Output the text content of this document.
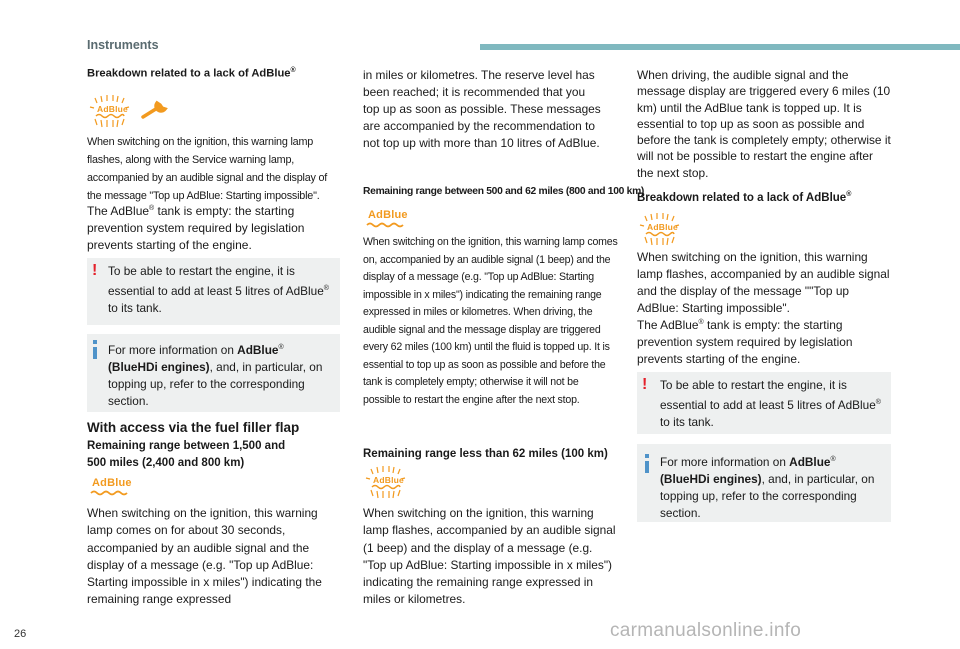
Instruments
Breakdown related to a lack of AdBlue®
AdBlue
When switching on the ignition, this warning lamp flashes, along with the Service warning lamp, accompanied by an audible signal and the display of the message "Top up AdBlue: Starting impossible".
The AdBlue® tank is empty: the starting prevention system required by legislation prevents starting of the engine.
! To be able to restart the engine, it is essential to add at least 5 litres of AdBlue® to its tank.
For more information on AdBlue® (BlueHDi engines), and, in particular, on topping up, refer to the corresponding section.
With access via the fuel filler flap
Remaining range between 1,500 and 500 miles (2,400 and 800 km)
AdBlue
When switching on the ignition, this warning lamp comes on for about 30 seconds, accompanied by an audible signal and the display of a message (e.g. "Top up AdBlue: Starting impossible in x miles") indicating the remaining range expressed
in miles or kilometres. The reserve level has been reached; it is recommended that you top up as soon as possible. These messages are accompanied by the recommendation to not top up with more than 10 litres of AdBlue.
Remaining range between 500 and 62 miles (800 and 100 km)
AdBlue
When switching on the ignition, this warning lamp comes on, accompanied by an audible signal (1 beep) and the display of a message (e.g. "Top up AdBlue: Starting impossible in x miles") indicating the remaining range expressed in miles or kilometres. When driving, the audible signal and the message display are triggered every 62 miles (100 km) until the fluid is topped up. It is essential to top up as soon as possible and before the tank is completely empty; otherwise it will not be possible to restart the engine after the next stop.
Remaining range less than 62 miles (100 km)
AdBlue
When switching on the ignition, this warning lamp flashes, accompanied by an audible signal (1 beep) and the display of a message (e.g. "Top up AdBlue: Starting impossible in x miles") indicating the remaining range expressed in miles or kilometres.
When driving, the audible signal and the message display are triggered every 6 miles (10 km) until the AdBlue tank is topped up. It is essential to top up as soon as possible and before the tank is completely empty; otherwise it will not be possible to restart the engine after the next stop.
Breakdown related to a lack of AdBlue®
AdBlue
When switching on the ignition, this warning lamp flashes, accompanied by an audible signal and the display of the message ""Top up AdBlue: Starting impossible".
The AdBlue® tank is empty: the starting prevention system required by legislation prevents starting of the engine.
! To be able to restart the engine, it is essential to add at least 5 litres of AdBlue® to its tank.
For more information on AdBlue® (BlueHDi engines), and, in particular, on topping up, refer to the corresponding section.
26	carmanualsonline.info
